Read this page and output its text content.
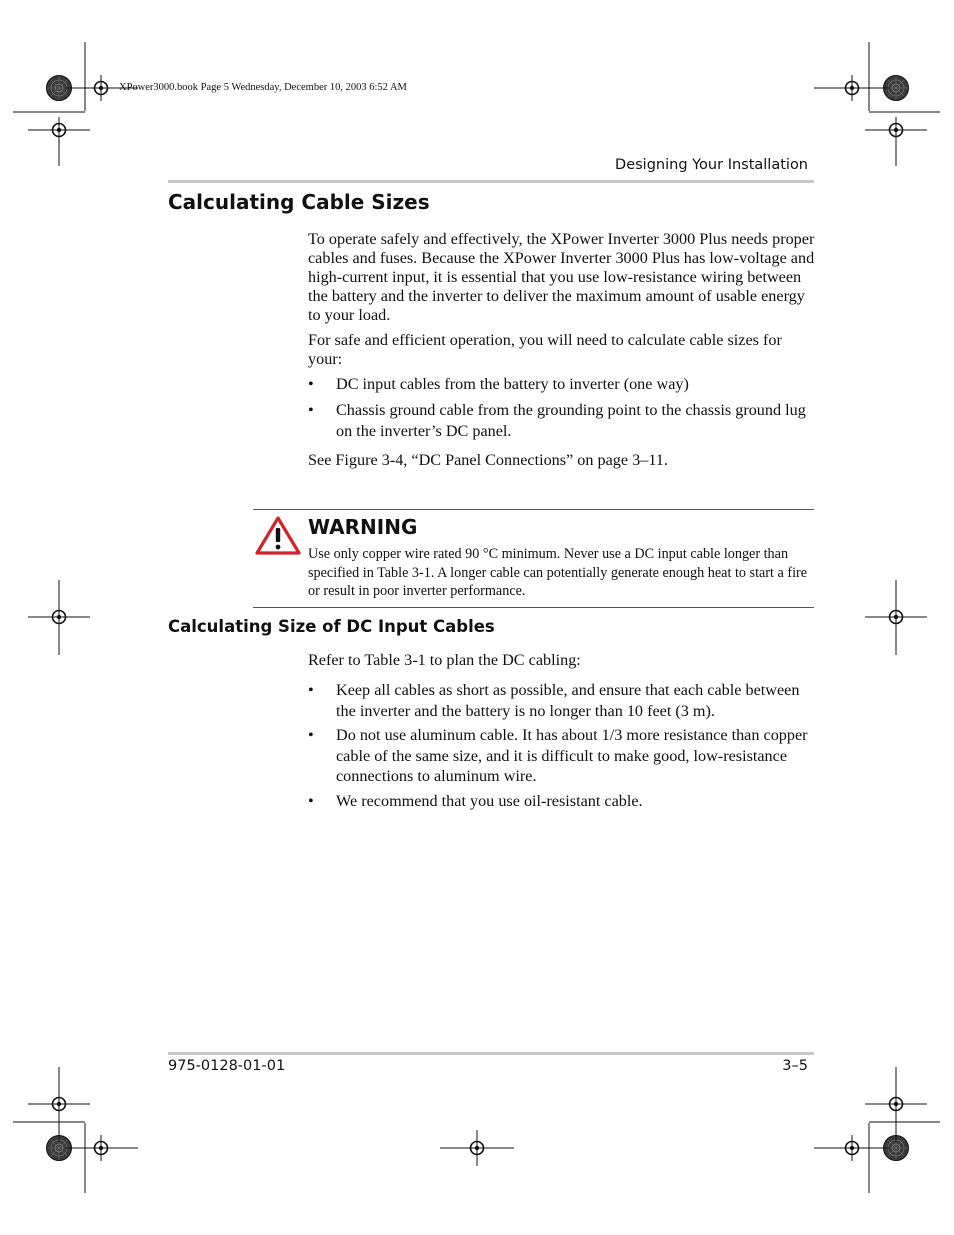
XPower3000.book Page 5 Wednesday, December 10, 2003 6:52 AM
Designing Your Installation
Calculating Cable Sizes

To operate safely and effectively, the XPower Inverter 3000 Plus needs proper cables and fuses. Because the XPower Inverter 3000 Plus has low-voltage and high-current input, it is essential that you use low-resistance wiring between the battery and the inverter to deliver the maximum amount of usable energy to your load.

For safe and efficient operation, you will need to calculate cable sizes for your:

• DC input cables from the battery to inverter (one way)
• Chassis ground cable from the grounding point to the chassis ground lug on the inverter’s DC panel.

See Figure 3-4, “DC Panel Connections” on page 3–11.

WARNING
Use only copper wire rated 90 °C minimum. Never use a DC input cable longer than specified in Table 3-1. A longer cable can potentially generate enough heat to start a fire or result in poor inverter performance.
Calculating Size of DC Input Cables

Refer to Table 3-1 to plan the DC cabling:

• Keep all cables as short as possible, and ensure that each cable between the inverter and the battery is no longer than 10 feet (3 m).
• Do not use aluminum cable. It has about 1/3 more resistance than copper cable of the same size, and it is difficult to make good, low-resistance connections to aluminum wire.
• We recommend that you use oil-resistant cable.
975-0128-01-01	3–5
